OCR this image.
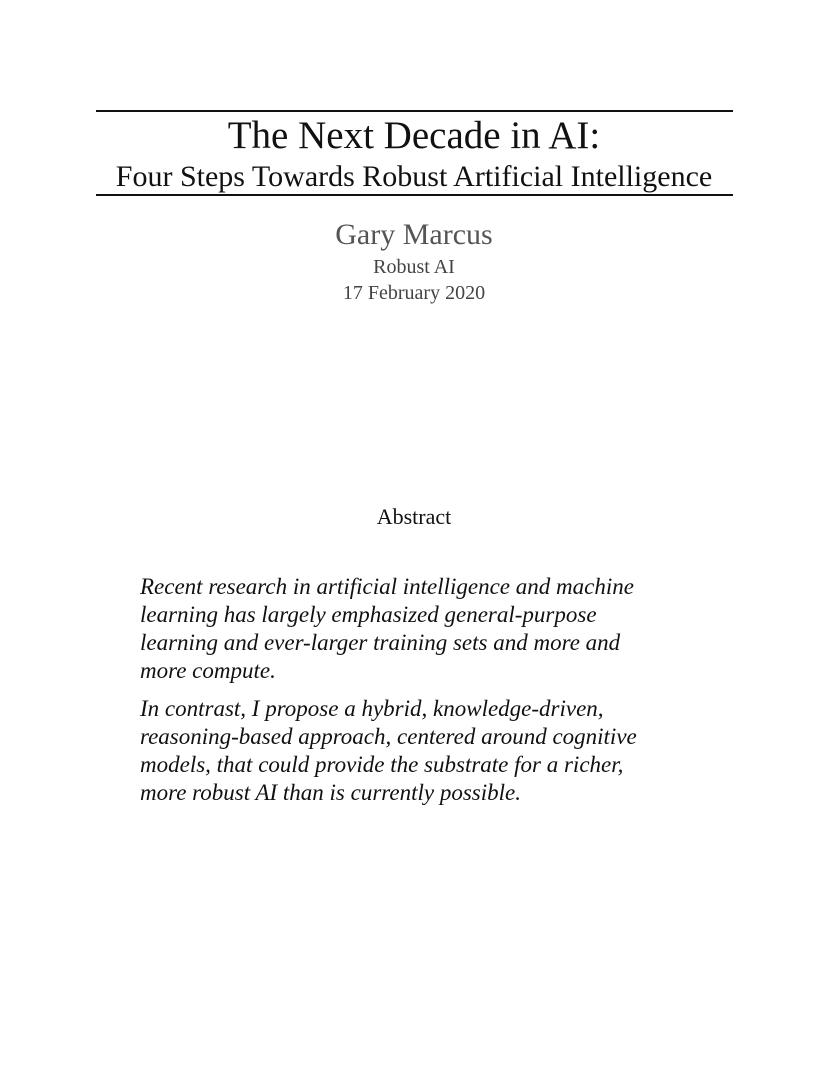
The Next Decade in AI:
Four Steps Towards Robust Artificial Intelligence
Gary Marcus
Robust AI
17 February 2020
Abstract
Recent research in artificial intelligence and machine
learning has largely emphasized general-purpose
learning and ever-larger training sets and more and
more compute.
In contrast, I propose a hybrid, knowledge-driven,
reasoning-based approach, centered around cognitive
models, that could provide the substrate for a richer,
more robust AI than is currently possible.
